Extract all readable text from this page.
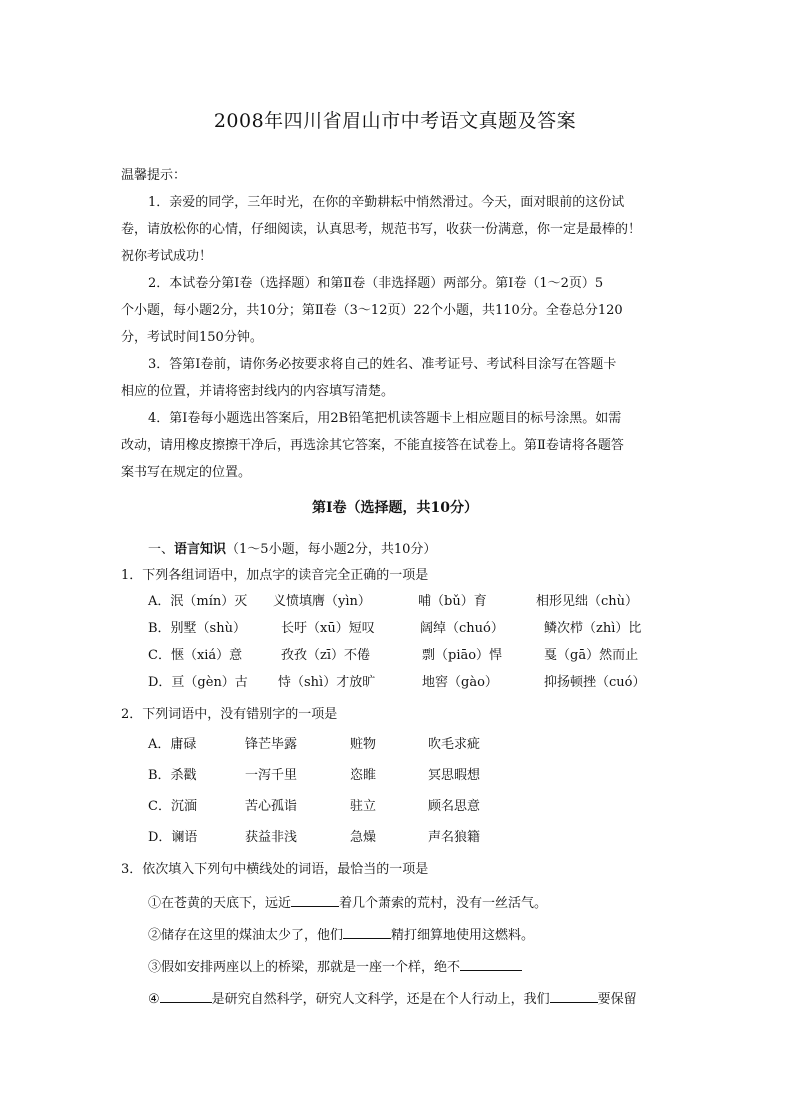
2008年四川省眉山市中考语文真题及答案
温馨提示：
1．亲爱的同学，三年时光，在你的辛勤耕耘中悄然滑过。今天，面对眼前的这份试
卷，请放松你的心情，仔细阅读，认真思考，规范书写，收获一份满意，你一定是最棒的！
祝你考试成功！
2．本试卷分第Ⅰ卷（选择题）和第Ⅱ卷（非选择题）两部分。第Ⅰ卷（1～2页）5
个小题，每小题2分，共10分；第Ⅱ卷（3～12页）22个小题，共110分。全卷总分120
分，考试时间150分钟。
3．答第Ⅰ卷前，请你务必按要求将自己的姓名、准考证号、考试科目涂写在答题卡
相应的位置，并请将密封线内的内容填写清楚。
4．第Ⅰ卷每小题选出答案后，用2B铅笔把机读答题卡上相应题目的标号涂黑。如需
改动，请用橡皮擦擦干净后，再选涂其它答案，不能直接答在试卷上。第Ⅱ卷请将各题答
案书写在规定的位置。
第Ⅰ卷（选择题，共10分）
一、语言知识（1～5小题，每小题2分，共10分）
1．下列各组词语中，加点字的读音完全正确的一项是
A．泯（mín）灭 义愤填膺（yìn）	哺（bǔ）育	相形见绌（chù）
B．别墅（shù）	长吁（xū）短叹	阔绰（chuó）	鳞次栉（zhì）比
C．惬（xiá）意	孜孜（zī）不倦	剽（piāo）悍	戛（gā）然而止
D．亘（gèn）古 恃（shì）才放旷	地窖（gào）	抑扬顿挫（cuó）
2．下列词语中，没有错别字的一项是
A．庸碌	锋芒毕露	赃物	吹毛求疵
B．杀戳	一泻千里	恣睢	冥思暇想
C．沉湎	苦心孤诣	驻立	顾名思意
D．谰语	获益非浅	急燥	声名狼籍
3．依次填入下列句中横线处的词语，最恰当的一项是
①在苍黄的天底下，远近	着几个萧索的荒村，没有一丝活气。
②储存在这里的煤油太少了，他们	精打细算地使用这燃料。
③假如安排两座以上的桥梁，那就是一座一个样，绝不
④	是研究自然科学，研究人文科学，还是在个人行动上，我们	要保留
